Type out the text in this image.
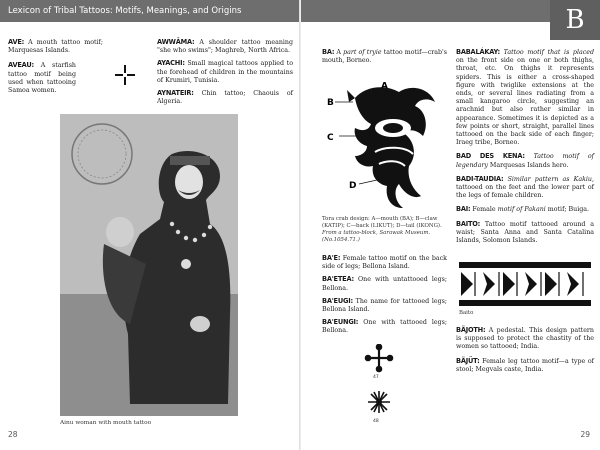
Lexicon of Tribal Tattoos: Motifs, Meanings, and Origins	B

AVE: A mouth tattoo motif; Marquesas Islands.

AVEAU: A starfish tattoo motif being used when tattooing Samoa women.

AWWĀMA: A shoulder tattoo meaning "she who swims"; Maghreb, North Africa.

AYACHI: Small magical tattoos applied to the forehead of children in the mountains of Krumiri, Tunisia.

AYNATEIR: Chin tattoo; Chaouis of Algeria.

Ainu woman with mouth tattoo
28

BA: A part of tryie tattoo motif—crab's mouth, Borneo.

B
A
C
D

Tora crab design: A—mouth (BA); B—claw (KATIP); C—back (LIKUT); D—tail (IKONG). From a tattoo-block, Sarawak Museum. (No.1054.71.)

BA'E: Female tattoo motif on the back side of legs; Bellona Island.

BA'ETEA: One with untattooed legs; Bellona.

BA'EUGI: The name for tattooed legs; Bellona Island.

BA'EUNGI: One with tattooed legs; Bellona.

47
48

BABALÁKAY: Tattoo motif that is placed on the front side on one or both thighs, throat, etc. On thighs it represents spiders. This is either a cross-shaped figure with twiglike extensions at the ends, or several lines radiating from a small kangaroo circle, suggesting an arachnid but also rather similar in appearance. Sometimes it is depicted as a few points or short, straight, parallel lines tattooed on the back side of each finger; Iraeg tribe, Borneo.

BAD DES KENA: Tattoo motif of legendary Marquesas Islands hero.

BADI-TAUDIA: Similar pattern as Kakiu, tattooed on the feet and the lower part of the legs of female children.

BAI: Female motif of Pakani motif; Buiga.

BAITO: Tattoo motif tattooed around a waist; Santa Anna and Santa Catalina Islands, Solomon Islands.

Baito

BÄJOTH: A pedestal. This design pattern is supposed to protect the chastity of the women so tattooed; India.

BÄJÜT: Female leg tattoo motif—a type of stool; Megvals caste, India.

29
